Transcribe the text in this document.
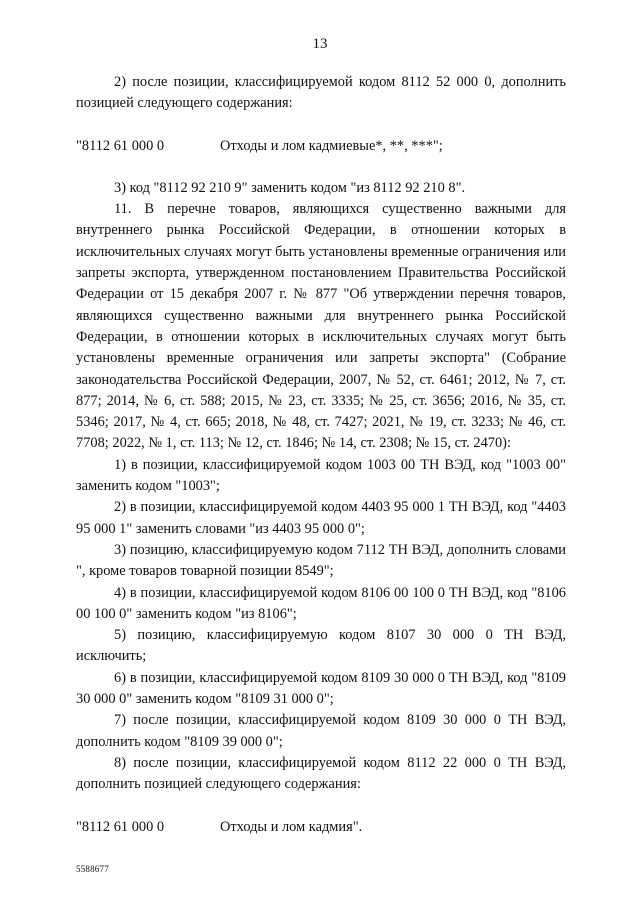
13

2) после позиции, классифицируемой кодом 8112 52 000 0, дополнить позицией следующего содержания:

"8112 61 000 0	Отходы и лом кадмиевые*, **, ***";

3) код "8112 92 210 9" заменить кодом "из 8112 92 210 8".

11. В перечне товаров, являющихся существенно важными для внутреннего рынка Российской Федерации, в отношении которых в исключительных случаях могут быть установлены временные ограничения или запреты экспорта, утвержденном постановлением Правительства Российской Федерации от 15 декабря 2007 г. № 877 "Об утверждении перечня товаров, являющихся существенно важными для внутреннего рынка Российской Федерации, в отношении которых в исключительных случаях могут быть установлены временные ограничения или запреты экспорта" (Собрание законодательства Российской Федерации, 2007, № 52, ст. 6461; 2012, № 7, ст. 877; 2014, № 6, ст. 588; 2015, № 23, ст. 3335; № 25, ст. 3656; 2016, № 35, ст. 5346; 2017, № 4, ст. 665; 2018, № 48, ст. 7427; 2021, № 19, ст. 3233; № 46, ст. 7708; 2022, № 1, ст. 113; № 12, ст. 1846; № 14, ст. 2308; № 15, ст. 2470):

1) в позиции, классифицируемой кодом 1003 00 ТН ВЭД, код "1003 00" заменить кодом "1003";

2) в позиции, классифицируемой кодом 4403 95 000 1 ТН ВЭД, код "4403 95 000 1" заменить словами "из 4403 95 000 0";

3) позицию, классифицируемую кодом 7112 ТН ВЭД, дополнить словами ", кроме товаров товарной позиции 8549";

4) в позиции, классифицируемой кодом 8106 00 100 0 ТН ВЭД, код "8106 00 100 0" заменить кодом "из 8106";

5) позицию, классифицируемую кодом 8107 30 000 0 ТН ВЭД, исключить;

6) в позиции, классифицируемой кодом 8109 30 000 0 ТН ВЭД, код "8109 30 000 0" заменить кодом "8109 31 000 0";

7) после позиции, классифицируемой кодом 8109 30 000 0 ТН ВЭД, дополнить кодом "8109 39 000 0";

8) после позиции, классифицируемой кодом 8112 22 000 0 ТН ВЭД, дополнить позицией следующего содержания:

"8112 61 000 0	Отходы и лом кадмия".
5588677
